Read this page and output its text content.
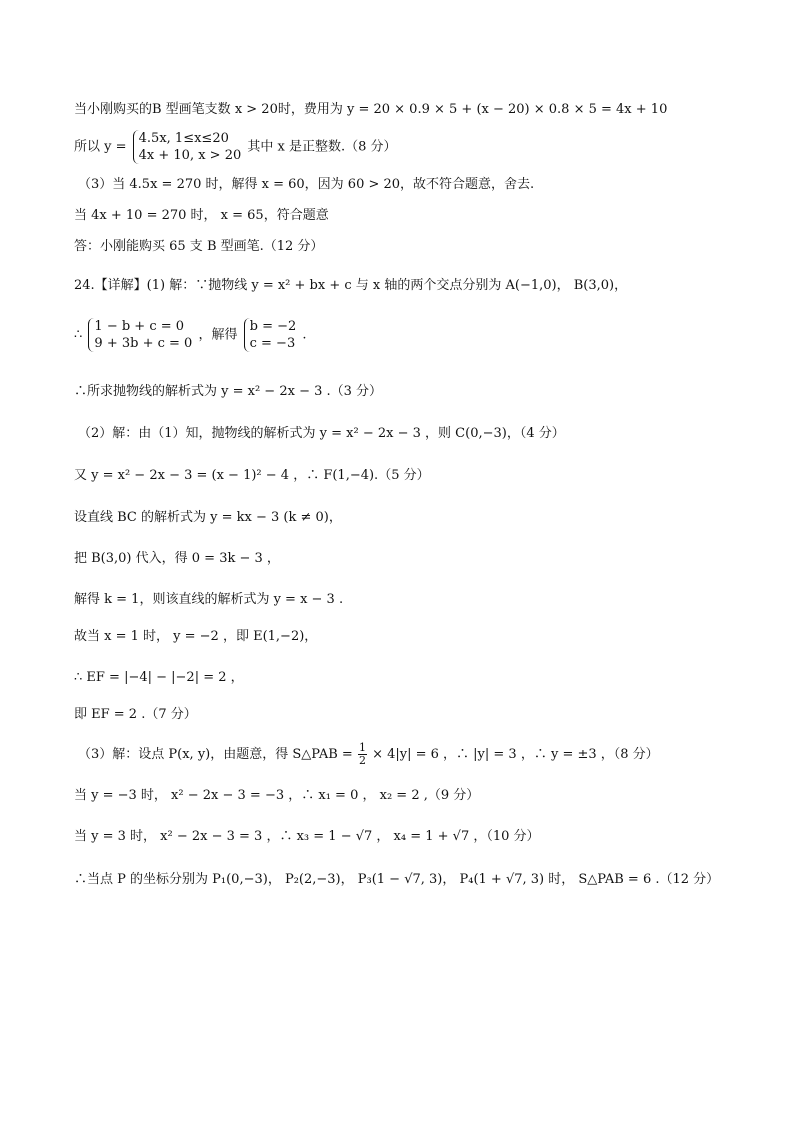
当小刚购买的B 型画笔支数 x > 20时，费用为 y = 20 × 0.9 × 5 + (x − 20) × 0.8 × 5 = 4x + 10
所以 y =
4.5x, 1≤x≤20
4x + 10, x > 20
其中 x 是正整数.（8 分）
（3）当 4.5x = 270 时，解得 x = 60，因为 60 > 20，故不符合题意，舍去.
当 4x + 10 = 270 时， x = 65，符合题意
答：小刚能购买 65 支 B 型画笔.（12 分）
24.【详解】(1) 解：∵抛物线 y = x² + bx + c 与 x 轴的两个交点分别为 A(−1,0)， B(3,0)，
∴
1 − b + c = 0
9 + 3b + c = 0
，解得
b = −2
c = −3
.
∴所求抛物线的解析式为 y = x² − 2x − 3 .（3 分）
（2）解：由（1）知，抛物线的解析式为 y = x² − 2x − 3 ，则 C(0,−3)，（4 分）
又 y = x² − 2x − 3 = (x − 1)² − 4 ，∴ F(1,−4).（5 分）
设直线 BC 的解析式为 y = kx − 3 (k ≠ 0)，
把 B(3,0) 代入，得 0 = 3k − 3 ，
解得 k = 1，则该直线的解析式为 y = x − 3 .
故当 x = 1 时， y = −2 ，即 E(1,−2)，
∴ EF = |−4| − |−2| = 2 ，
即 EF = 2 .（7 分）
（3）解：设点 P(x, y)，由题意，得 S△PAB = $\frac{1}{2} \times 4|y| = 6$ ，∴ |y| = 3 ，∴ y = ±3 ，（8 分）
当 y = −3 时， x² − 2x − 3 = −3 ，∴ x₁ = 0 ， x₂ = 2 ,（9 分）
当 y = 3 时， x² − 2x − 3 = 3 ，∴ x₃ = 1 − √7 ， x₄ = 1 + √7 ，（10 分）
∴当点 P 的坐标分别为 P₁(0,−3)， P₂(2,−3)， P₃(1 − √7, 3)， P₄(1 + √7, 3) 时， S△PAB = 6 .（12 分）
